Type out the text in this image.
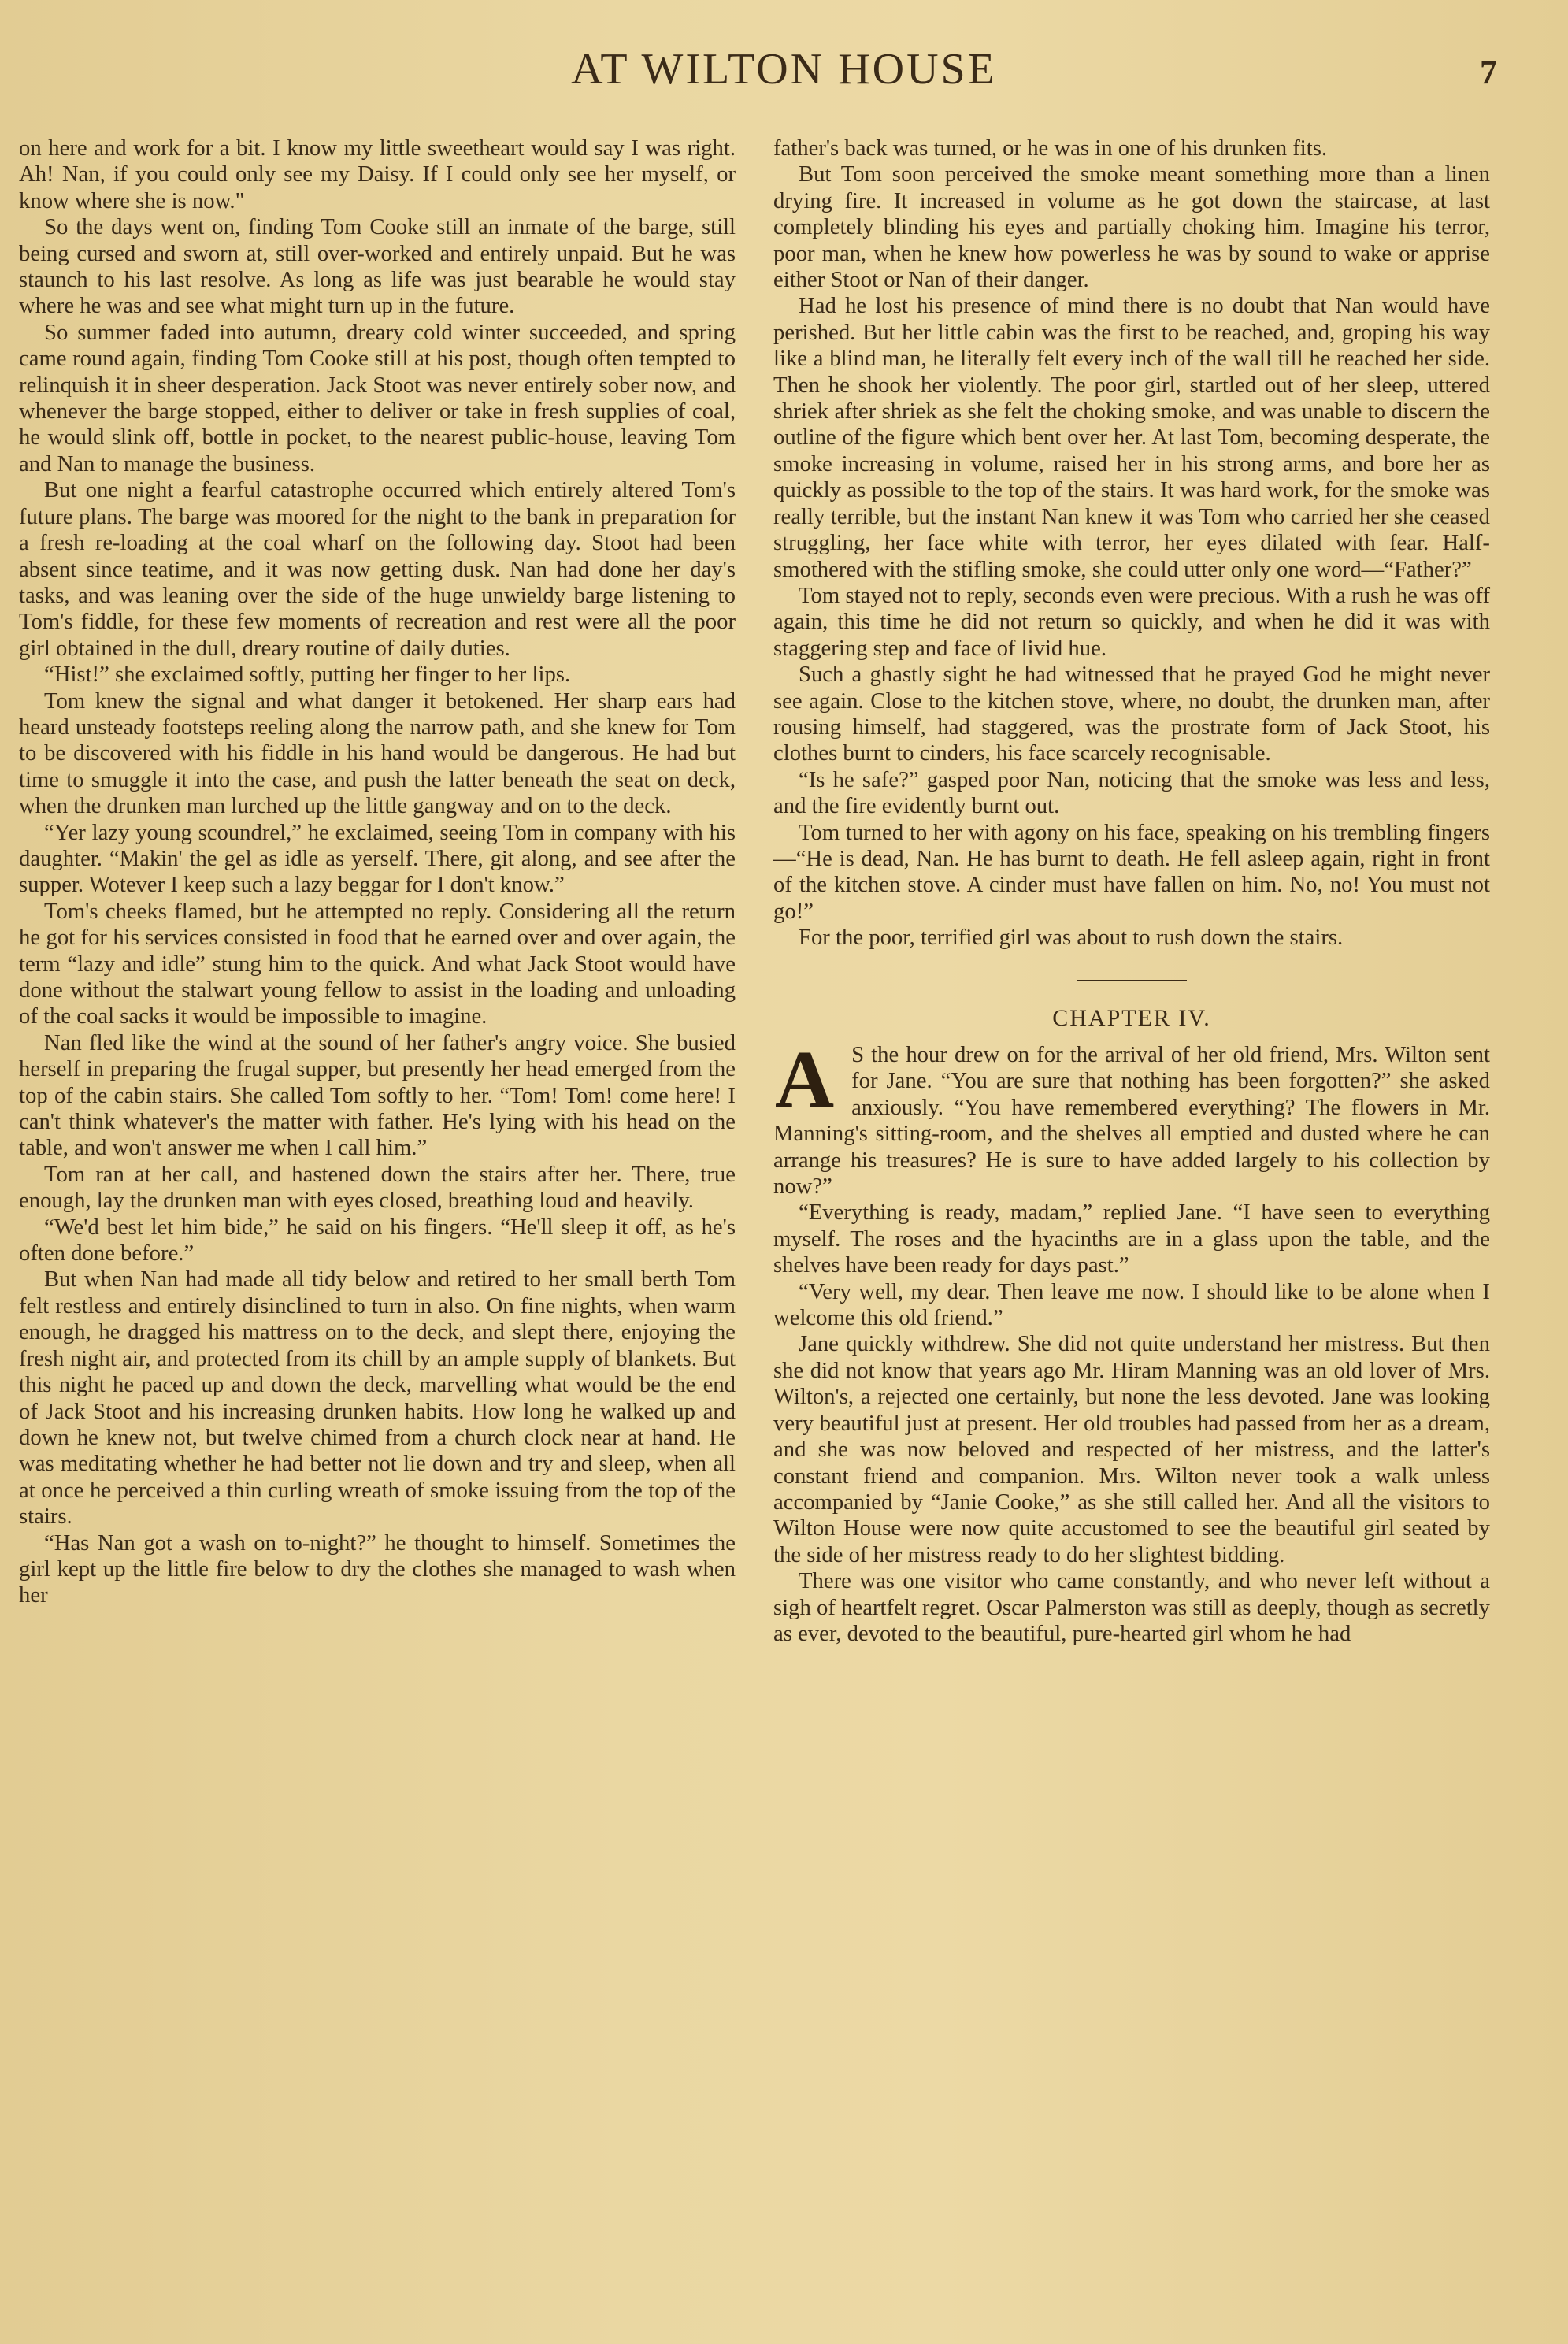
AT WILTON HOUSE	7

on here and work for a bit. I know my little sweetheart would say I was right. Ah! Nan, if you could only see my Daisy. If I could only see her myself, or know where she is now."

So the days went on, finding Tom Cooke still an inmate of the barge, still being cursed and sworn at, still over-worked and entirely unpaid. But he was staunch to his last resolve. As long as life was just bearable he would stay where he was and see what might turn up in the future.

So summer faded into autumn, dreary cold winter succeeded, and spring came round again, finding Tom Cooke still at his post, though often tempted to relinquish it in sheer desperation. Jack Stoot was never entirely sober now, and whenever the barge stopped, either to deliver or take in fresh supplies of coal, he would slink off, bottle in pocket, to the nearest public-house, leaving Tom and Nan to manage the business.

But one night a fearful catastrophe occurred which entirely altered Tom's future plans. The barge was moored for the night to the bank in preparation for a fresh re-loading at the coal wharf on the following day. Stoot had been absent since teatime, and it was now getting dusk. Nan had done her day's tasks, and was leaning over the side of the huge unwieldy barge listening to Tom's fiddle, for these few moments of recreation and rest were all the poor girl obtained in the dull, dreary routine of daily duties.

“Hist!” she exclaimed softly, putting her finger to her lips.

Tom knew the signal and what danger it betokened. Her sharp ears had heard unsteady footsteps reeling along the narrow path, and she knew for Tom to be discovered with his fiddle in his hand would be dangerous. He had but time to smuggle it into the case, and push the latter beneath the seat on deck, when the drunken man lurched up the little gangway and on to the deck.

“Yer lazy young scoundrel,” he exclaimed, seeing Tom in company with his daughter. “Makin' the gel as idle as yerself. There, git along, and see after the supper. Wotever I keep such a lazy beggar for I don't know.”

Tom's cheeks flamed, but he attempted no reply. Considering all the return he got for his services consisted in food that he earned over and over again, the term “lazy and idle” stung him to the quick. And what Jack Stoot would have done without the stalwart young fellow to assist in the loading and unloading of the coal sacks it would be impossible to imagine.

Nan fled like the wind at the sound of her father's angry voice. She busied herself in preparing the frugal supper, but presently her head emerged from the top of the cabin stairs. She called Tom softly to her. “Tom! Tom! come here! I can't think whatever's the matter with father. He's lying with his head on the table, and won't answer me when I call him.”

Tom ran at her call, and hastened down the stairs after her. There, true enough, lay the drunken man with eyes closed, breathing loud and heavily.

“We'd best let him bide,” he said on his fingers. “He'll sleep it off, as he's often done before.”

But when Nan had made all tidy below and retired to her small berth Tom felt restless and entirely disinclined to turn in also. On fine nights, when warm enough, he dragged his mattress on to the deck, and slept there, enjoying the fresh night air, and protected from its chill by an ample supply of blankets. But this night he paced up and down the deck, marvelling what would be the end of Jack Stoot and his increasing drunken habits. How long he walked up and down he knew not, but twelve chimed from a church clock near at hand. He was meditating whether he had better not lie down and try and sleep, when all at once he perceived a thin curling wreath of smoke issuing from the top of the stairs.

“Has Nan got a wash on to-night?” he thought to himself. Sometimes the girl kept up the little fire below to dry the clothes she managed to wash when her

father's back was turned, or he was in one of his drunken fits.

But Tom soon perceived the smoke meant something more than a linen drying fire. It increased in volume as he got down the staircase, at last completely blinding his eyes and partially choking him. Imagine his terror, poor man, when he knew how powerless he was by sound to wake or apprise either Stoot or Nan of their danger.

Had he lost his presence of mind there is no doubt that Nan would have perished. But her little cabin was the first to be reached, and, groping his way like a blind man, he literally felt every inch of the wall till he reached her side. Then he shook her violently. The poor girl, startled out of her sleep, uttered shriek after shriek as she felt the choking smoke, and was unable to discern the outline of the figure which bent over her. At last Tom, becoming desperate, the smoke increasing in volume, raised her in his strong arms, and bore her as quickly as possible to the top of the stairs. It was hard work, for the smoke was really terrible, but the instant Nan knew it was Tom who carried her she ceased struggling, her face white with terror, her eyes dilated with fear. Half-smothered with the stifling smoke, she could utter only one word—“Father?”

Tom stayed not to reply, seconds even were precious. With a rush he was off again, this time he did not return so quickly, and when he did it was with staggering step and face of livid hue.

Such a ghastly sight he had witnessed that he prayed God he might never see again. Close to the kitchen stove, where, no doubt, the drunken man, after rousing himself, had staggered, was the prostrate form of Jack Stoot, his clothes burnt to cinders, his face scarcely recognisable.

“Is he safe?” gasped poor Nan, noticing that the smoke was less and less, and the fire evidently burnt out.

Tom turned to her with agony on his face, speaking on his trembling fingers—“He is dead, Nan. He has burnt to death. He fell asleep again, right in front of the kitchen stove. A cinder must have fallen on him. No, no! You must not go!”

For the poor, terrified girl was about to rush down the stairs.

CHAPTER IV.

A S the hour drew on for the arrival of her old friend, Mrs. Wilton sent for Jane. “You are sure that nothing has been forgotten?” she asked anxiously. “You have remembered everything? The flowers in Mr. Manning's sitting-room, and the shelves all emptied and dusted where he can arrange his treasures? He is sure to have added largely to his collection by now?”

“Everything is ready, madam,” replied Jane. “I have seen to everything myself. The roses and the hyacinths are in a glass upon the table, and the shelves have been ready for days past.”

“Very well, my dear. Then leave me now. I should like to be alone when I welcome this old friend.”

Jane quickly withdrew. She did not quite understand her mistress. But then she did not know that years ago Mr. Hiram Manning was an old lover of Mrs. Wilton's, a rejected one certainly, but none the less devoted. Jane was looking very beautiful just at present. Her old troubles had passed from her as a dream, and she was now beloved and respected of her mistress, and the latter's constant friend and companion. Mrs. Wilton never took a walk unless accompanied by “Janie Cooke,” as she still called her. And all the visitors to Wilton House were now quite accustomed to see the beautiful girl seated by the side of her mistress ready to do her slightest bidding.

There was one visitor who came constantly, and who never left without a sigh of heartfelt regret. Oscar Palmerston was still as deeply, though as secretly as ever, devoted to the beautiful, pure-hearted girl whom he had
